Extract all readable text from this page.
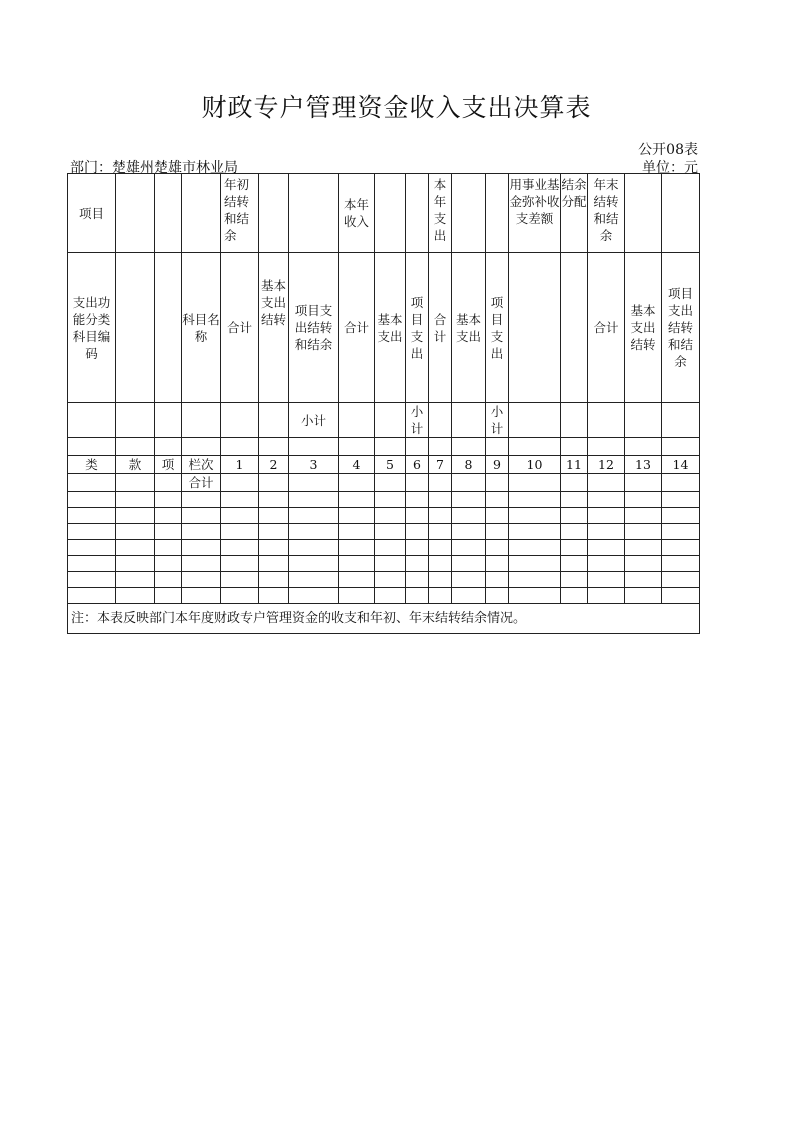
财政专户管理资金收入支出决算表
公开08表
部门：楚雄州楚雄市林业局	单位：元
项目				年初结转和结余			本年收入			本年支出			用事业基金弥补收支差额	结余分配	年末结转和结余		
支出功能分类科目编码			科目名称	合计	基本支出结转	项目支出结转和结余	合计	基本支出	项目支出	合计	基本支出	项目支出			合计	基本支出结转	项目支出结转和结余
						小计			小计			小计					

类	款	项	栏次	1	2	3	4	5	6	7	8	9	10	11	12	13	14
			合计														

注：本表反映部门本年度财政专户管理资金的收支和年初、年末结转结余情况。																	
